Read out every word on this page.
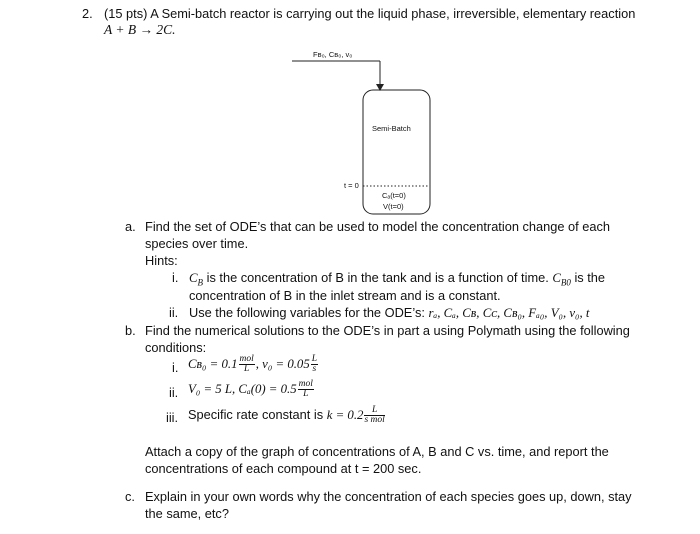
2. (15 pts) A Semi-batch reactor is carrying out the liquid phase, irreversible, elementary reaction
A + B → 2C.
Fʙ₀, Cʙ₀, v₀
Semi-Batch
t = 0
Cₐ(t=0)
V(t=0)
a. Find the set of ODE’s that can be used to model the concentration change of each
species over time.
Hints:
i. $C_B$ is the concentration of B in the tank and is a function of time. $C_{B0}$ is the
concentration of B in the inlet stream and is a constant.
ii. Use the following variables for the ODE’s: rₐ, Cₐ, Cʙ, Cᴄ, Cʙ₀, Fₐ₀, V₀, v₀, t
b. Find the numerical solutions to the ODE’s in part a using Polymath using the following
conditions:
i. Cʙ₀ = $0.1 \frac{\text{mol}}{L}$ , $v_0 = 0.05 \frac{L}{s}$
ii. V₀ = 5 L, $C_a(0) = 0.5 \frac{\text{mol}}{L}$
iii. Specific rate constant is $k = 0.2 \frac{L}{\text{s mol}}$
Attach a copy of the graph of concentrations of A, B and C vs. time, and report the
concentrations of each compound at t = 200 sec.
c. Explain in your own words why the concentration of each species goes up, down, stay
the same, etc?
